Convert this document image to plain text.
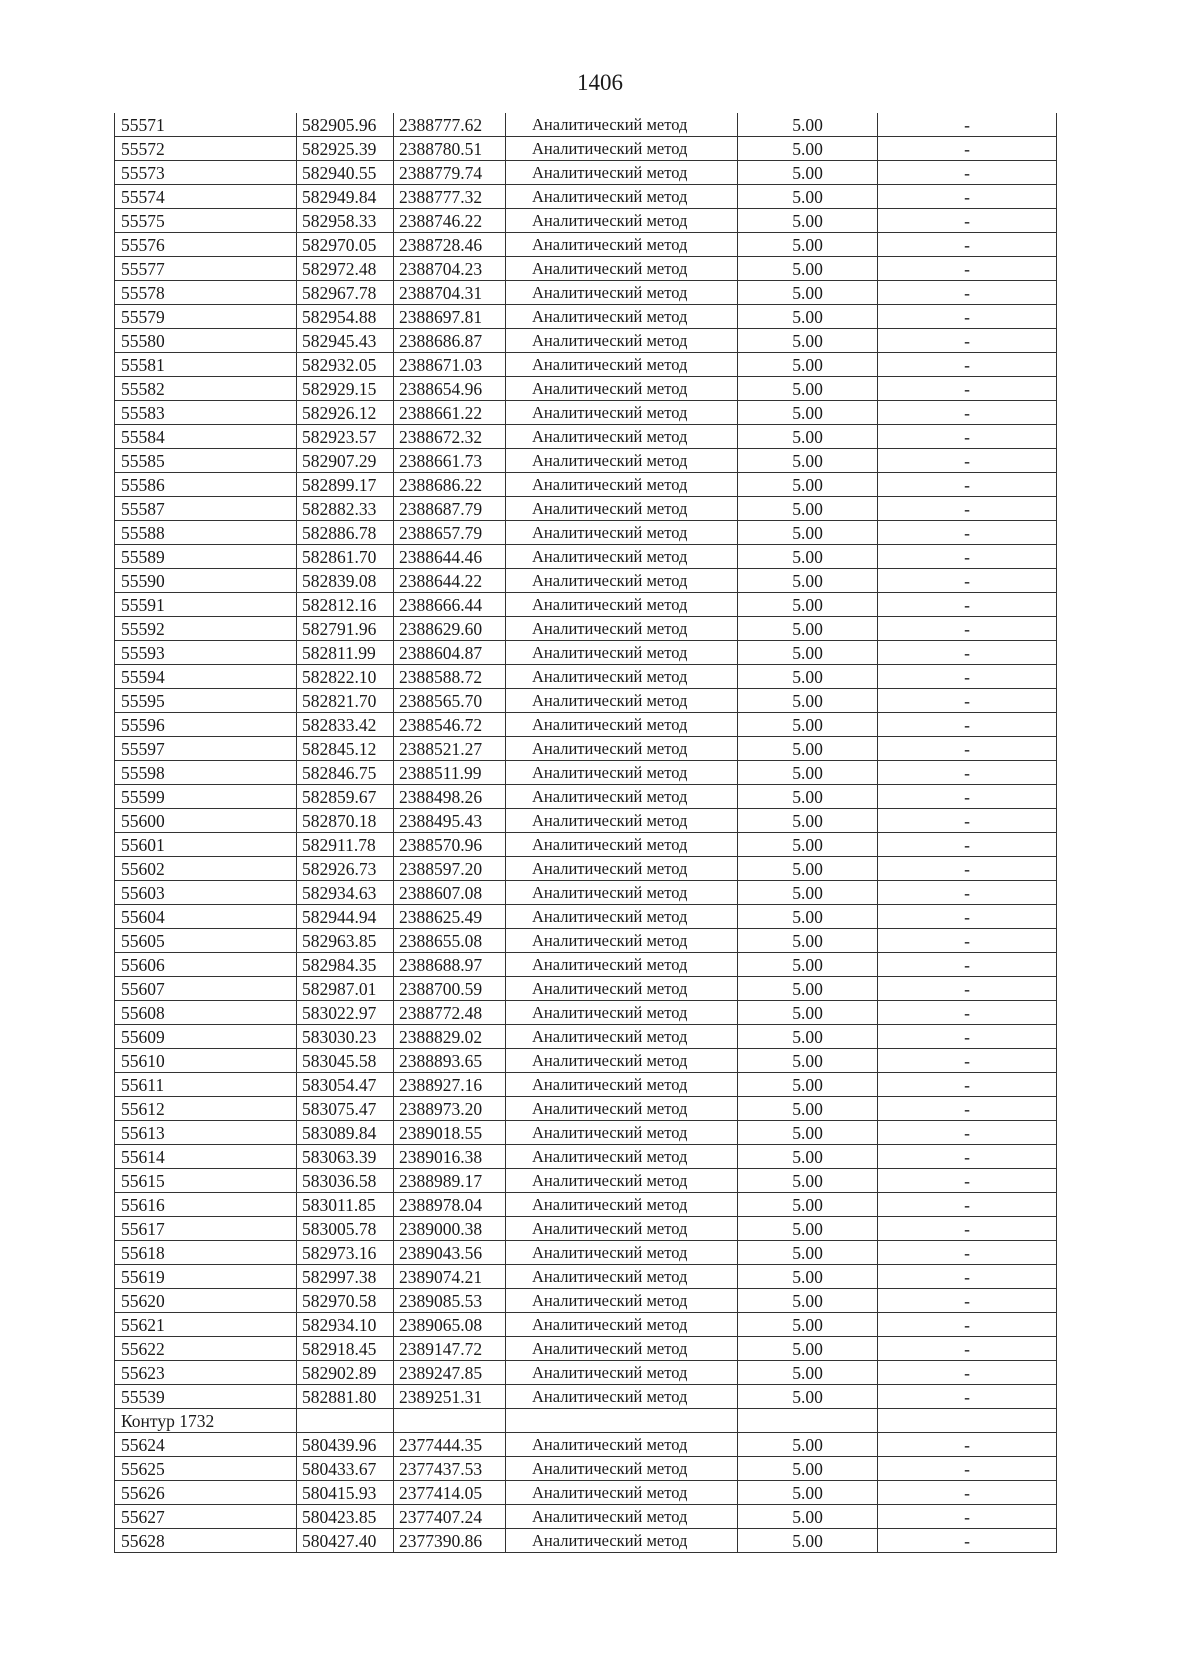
1406
55571	582905.96	2388777.62	Аналитический метод	5.00	-
55572	582925.39	2388780.51	Аналитический метод	5.00	-
55573	582940.55	2388779.74	Аналитический метод	5.00	-
55574	582949.84	2388777.32	Аналитический метод	5.00	-
55575	582958.33	2388746.22	Аналитический метод	5.00	-
55576	582970.05	2388728.46	Аналитический метод	5.00	-
55577	582972.48	2388704.23	Аналитический метод	5.00	-
55578	582967.78	2388704.31	Аналитический метод	5.00	-
55579	582954.88	2388697.81	Аналитический метод	5.00	-
55580	582945.43	2388686.87	Аналитический метод	5.00	-
55581	582932.05	2388671.03	Аналитический метод	5.00	-
55582	582929.15	2388654.96	Аналитический метод	5.00	-
55583	582926.12	2388661.22	Аналитический метод	5.00	-
55584	582923.57	2388672.32	Аналитический метод	5.00	-
55585	582907.29	2388661.73	Аналитический метод	5.00	-
55586	582899.17	2388686.22	Аналитический метод	5.00	-
55587	582882.33	2388687.79	Аналитический метод	5.00	-
55588	582886.78	2388657.79	Аналитический метод	5.00	-
55589	582861.70	2388644.46	Аналитический метод	5.00	-
55590	582839.08	2388644.22	Аналитический метод	5.00	-
55591	582812.16	2388666.44	Аналитический метод	5.00	-
55592	582791.96	2388629.60	Аналитический метод	5.00	-
55593	582811.99	2388604.87	Аналитический метод	5.00	-
55594	582822.10	2388588.72	Аналитический метод	5.00	-
55595	582821.70	2388565.70	Аналитический метод	5.00	-
55596	582833.42	2388546.72	Аналитический метод	5.00	-
55597	582845.12	2388521.27	Аналитический метод	5.00	-
55598	582846.75	2388511.99	Аналитический метод	5.00	-
55599	582859.67	2388498.26	Аналитический метод	5.00	-
55600	582870.18	2388495.43	Аналитический метод	5.00	-
55601	582911.78	2388570.96	Аналитический метод	5.00	-
55602	582926.73	2388597.20	Аналитический метод	5.00	-
55603	582934.63	2388607.08	Аналитический метод	5.00	-
55604	582944.94	2388625.49	Аналитический метод	5.00	-
55605	582963.85	2388655.08	Аналитический метод	5.00	-
55606	582984.35	2388688.97	Аналитический метод	5.00	-
55607	582987.01	2388700.59	Аналитический метод	5.00	-
55608	583022.97	2388772.48	Аналитический метод	5.00	-
55609	583030.23	2388829.02	Аналитический метод	5.00	-
55610	583045.58	2388893.65	Аналитический метод	5.00	-
55611	583054.47	2388927.16	Аналитический метод	5.00	-
55612	583075.47	2388973.20	Аналитический метод	5.00	-
55613	583089.84	2389018.55	Аналитический метод	5.00	-
55614	583063.39	2389016.38	Аналитический метод	5.00	-
55615	583036.58	2388989.17	Аналитический метод	5.00	-
55616	583011.85	2388978.04	Аналитический метод	5.00	-
55617	583005.78	2389000.38	Аналитический метод	5.00	-
55618	582973.16	2389043.56	Аналитический метод	5.00	-
55619	582997.38	2389074.21	Аналитический метод	5.00	-
55620	582970.58	2389085.53	Аналитический метод	5.00	-
55621	582934.10	2389065.08	Аналитический метод	5.00	-
55622	582918.45	2389147.72	Аналитический метод	5.00	-
55623	582902.89	2389247.85	Аналитический метод	5.00	-
55539	582881.80	2389251.31	Аналитический метод	5.00	-
Контур 1732					
55624	580439.96	2377444.35	Аналитический метод	5.00	-
55625	580433.67	2377437.53	Аналитический метод	5.00	-
55626	580415.93	2377414.05	Аналитический метод	5.00	-
55627	580423.85	2377407.24	Аналитический метод	5.00	-
55628	580427.40	2377390.86	Аналитический метод	5.00	-
